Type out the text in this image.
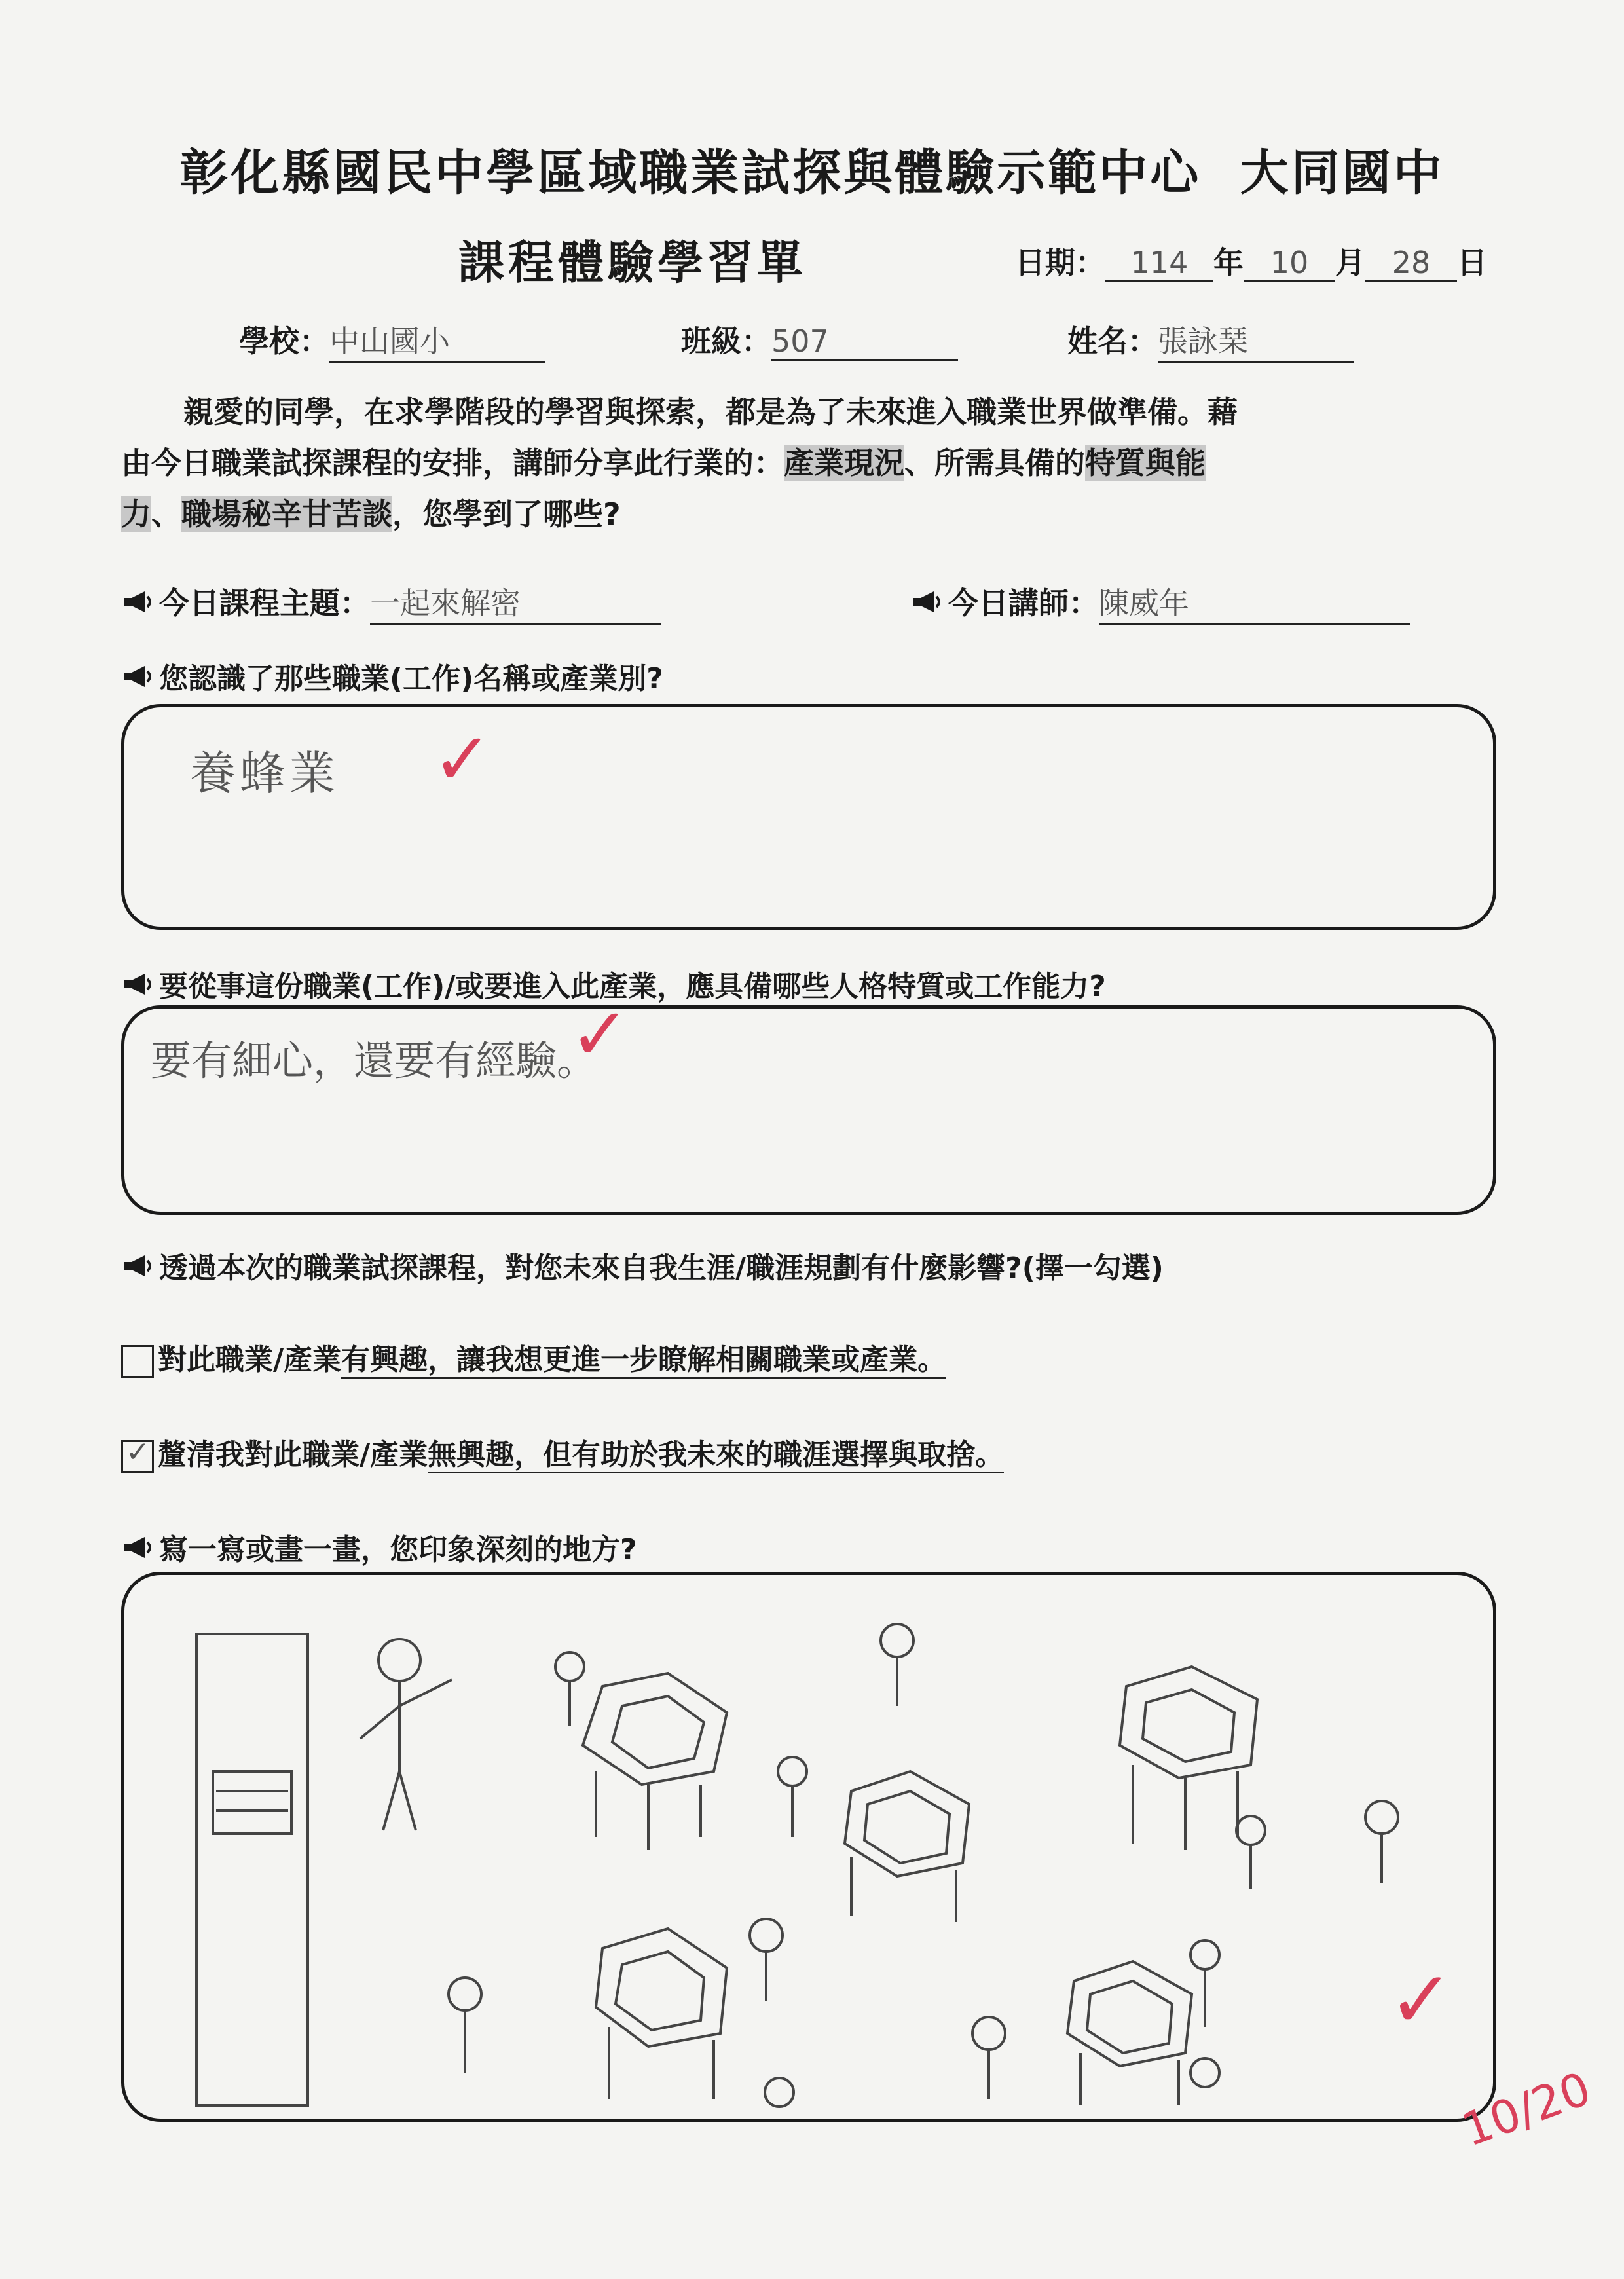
彰化縣國民中學區域職業試探與體驗示範中心  大同國中
課程體驗學習單	日期： 114 年 10 月 28 日
學校：中山國小	班級：507	姓名：張詠琹
親愛的同學，在求學階段的學習與探索，都是為了未來進入職業世界做準備。藉
由今日職業試探課程的安排，講師分享此行業的：產業現況、所需具備的特質與能
力、職場秘辛甘苦談，您學到了哪些?
今日課程主題：一起來解密	今日講師：陳威年
您認識了那些職業(工作)名稱或產業別?
養蜂業 ✓
要從事這份職業(工作)/或要進入此產業，應具備哪些人格特質或工作能力?
要有細心，還要有經驗。
✓
透過本次的職業試探課程，對您未來自我生涯/職涯規劃有什麼影響?(擇一勾選)
對此職業/產業有興趣，讓我想更進一步瞭解相關職業或產業。
✓ 釐清我對此職業/產業無興趣，但有助於我未來的職涯選擇與取捨。
寫一寫或畫一畫，您印象深刻的地方?
✓
10/20
